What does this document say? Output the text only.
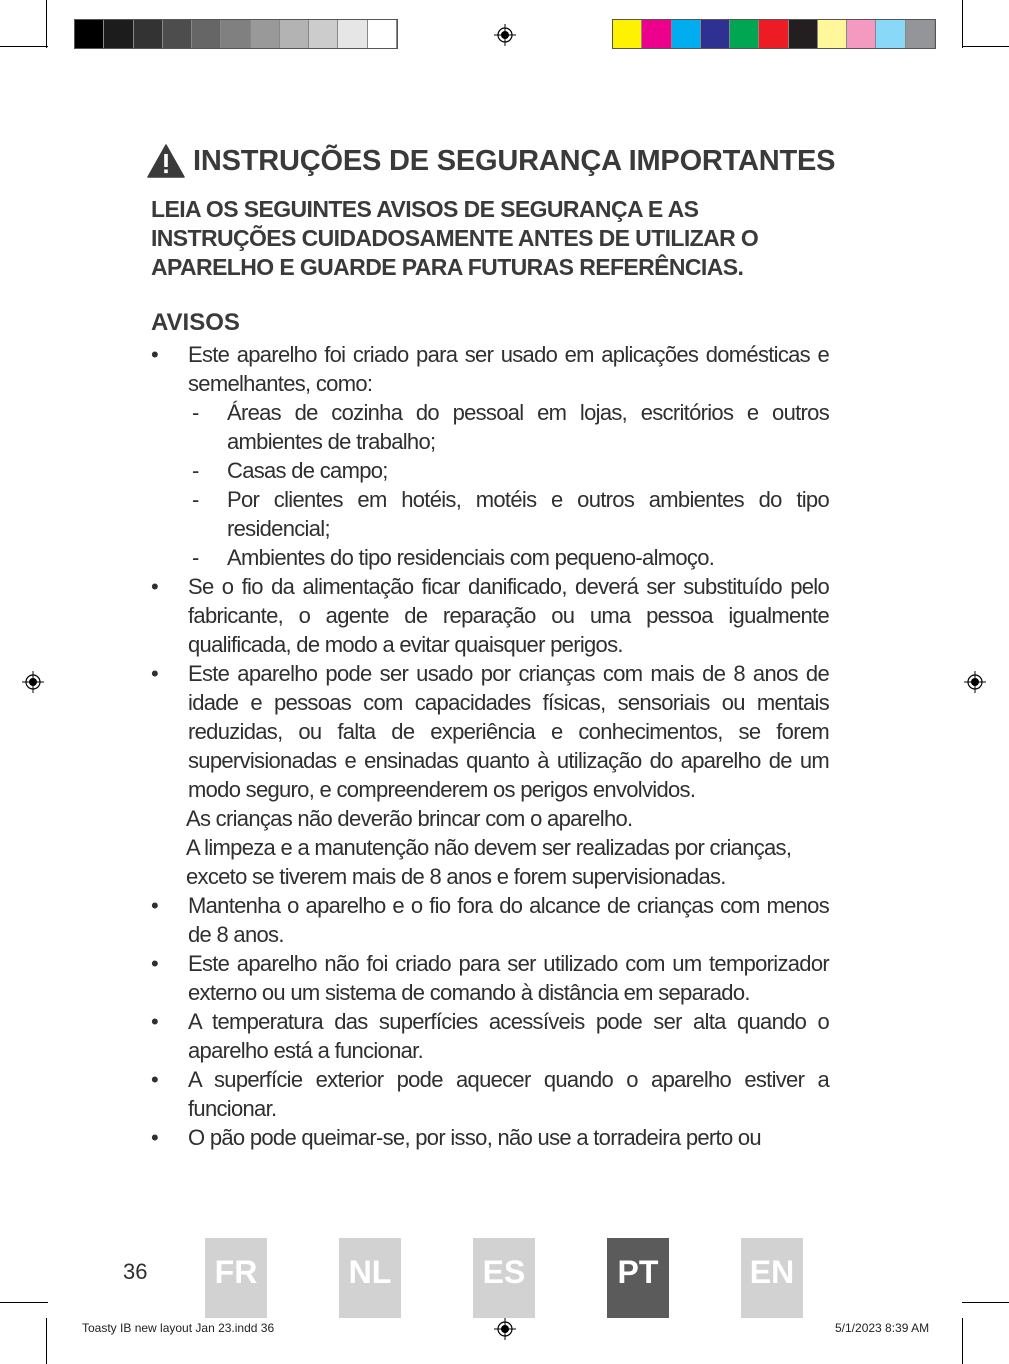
INSTRUÇÕES DE SEGURANÇA IMPORTANTES
LEIA OS SEGUINTES AVISOS DE SEGURANÇA E AS INSTRUÇÕES CUIDADOSAMENTE ANTES DE UTILIZAR O APARELHO E GUARDE PARA FUTURAS REFERÊNCIAS.
AVISOS
•	Este aparelho foi criado para ser usado em aplicações domésticas e semelhantes, como:
-	Áreas de cozinha do pessoal em lojas, escritórios e outros ambientes de trabalho;
-	Casas de campo;
-	Por clientes em hotéis, motéis e outros ambientes do tipo residencial;
-	Ambientes do tipo residenciais com pequeno-almoço.
•	Se o fio da alimentação ficar danificado, deverá ser substituído pelo fabricante, o agente de reparação ou uma pessoa igualmente qualificada, de modo a evitar quaisquer perigos.
•	Este aparelho pode ser usado por crianças com mais de 8 anos de idade e pessoas com capacidades físicas, sensoriais ou mentais reduzidas, ou falta de experiência e conhecimentos, se forem supervisionadas e ensinadas quanto à utilização do aparelho de um modo seguro, e compreenderem os perigos envolvidos.
As crianças não deverão brincar com o aparelho.
A limpeza e a manutenção não devem ser realizadas por crianças, exceto se tiverem mais de 8 anos e forem supervisionadas.
•	Mantenha o aparelho e o fio fora do alcance de crianças com menos de 8 anos.
•	Este aparelho não foi criado para ser utilizado com um temporizador externo ou um sistema de comando à distância em separado.
•	A temperatura das superfícies acessíveis pode ser alta quando o aparelho está a funcionar.
•	A superfície exterior pode aquecer quando o aparelho estiver a funcionar.
•	O pão pode queimar-se, por isso, não use a torradeira perto ou
36	FR	NL	ES	PT	EN
Toasty IB new layout Jan 23.indd 36	5/1/2023 8:39 AM
